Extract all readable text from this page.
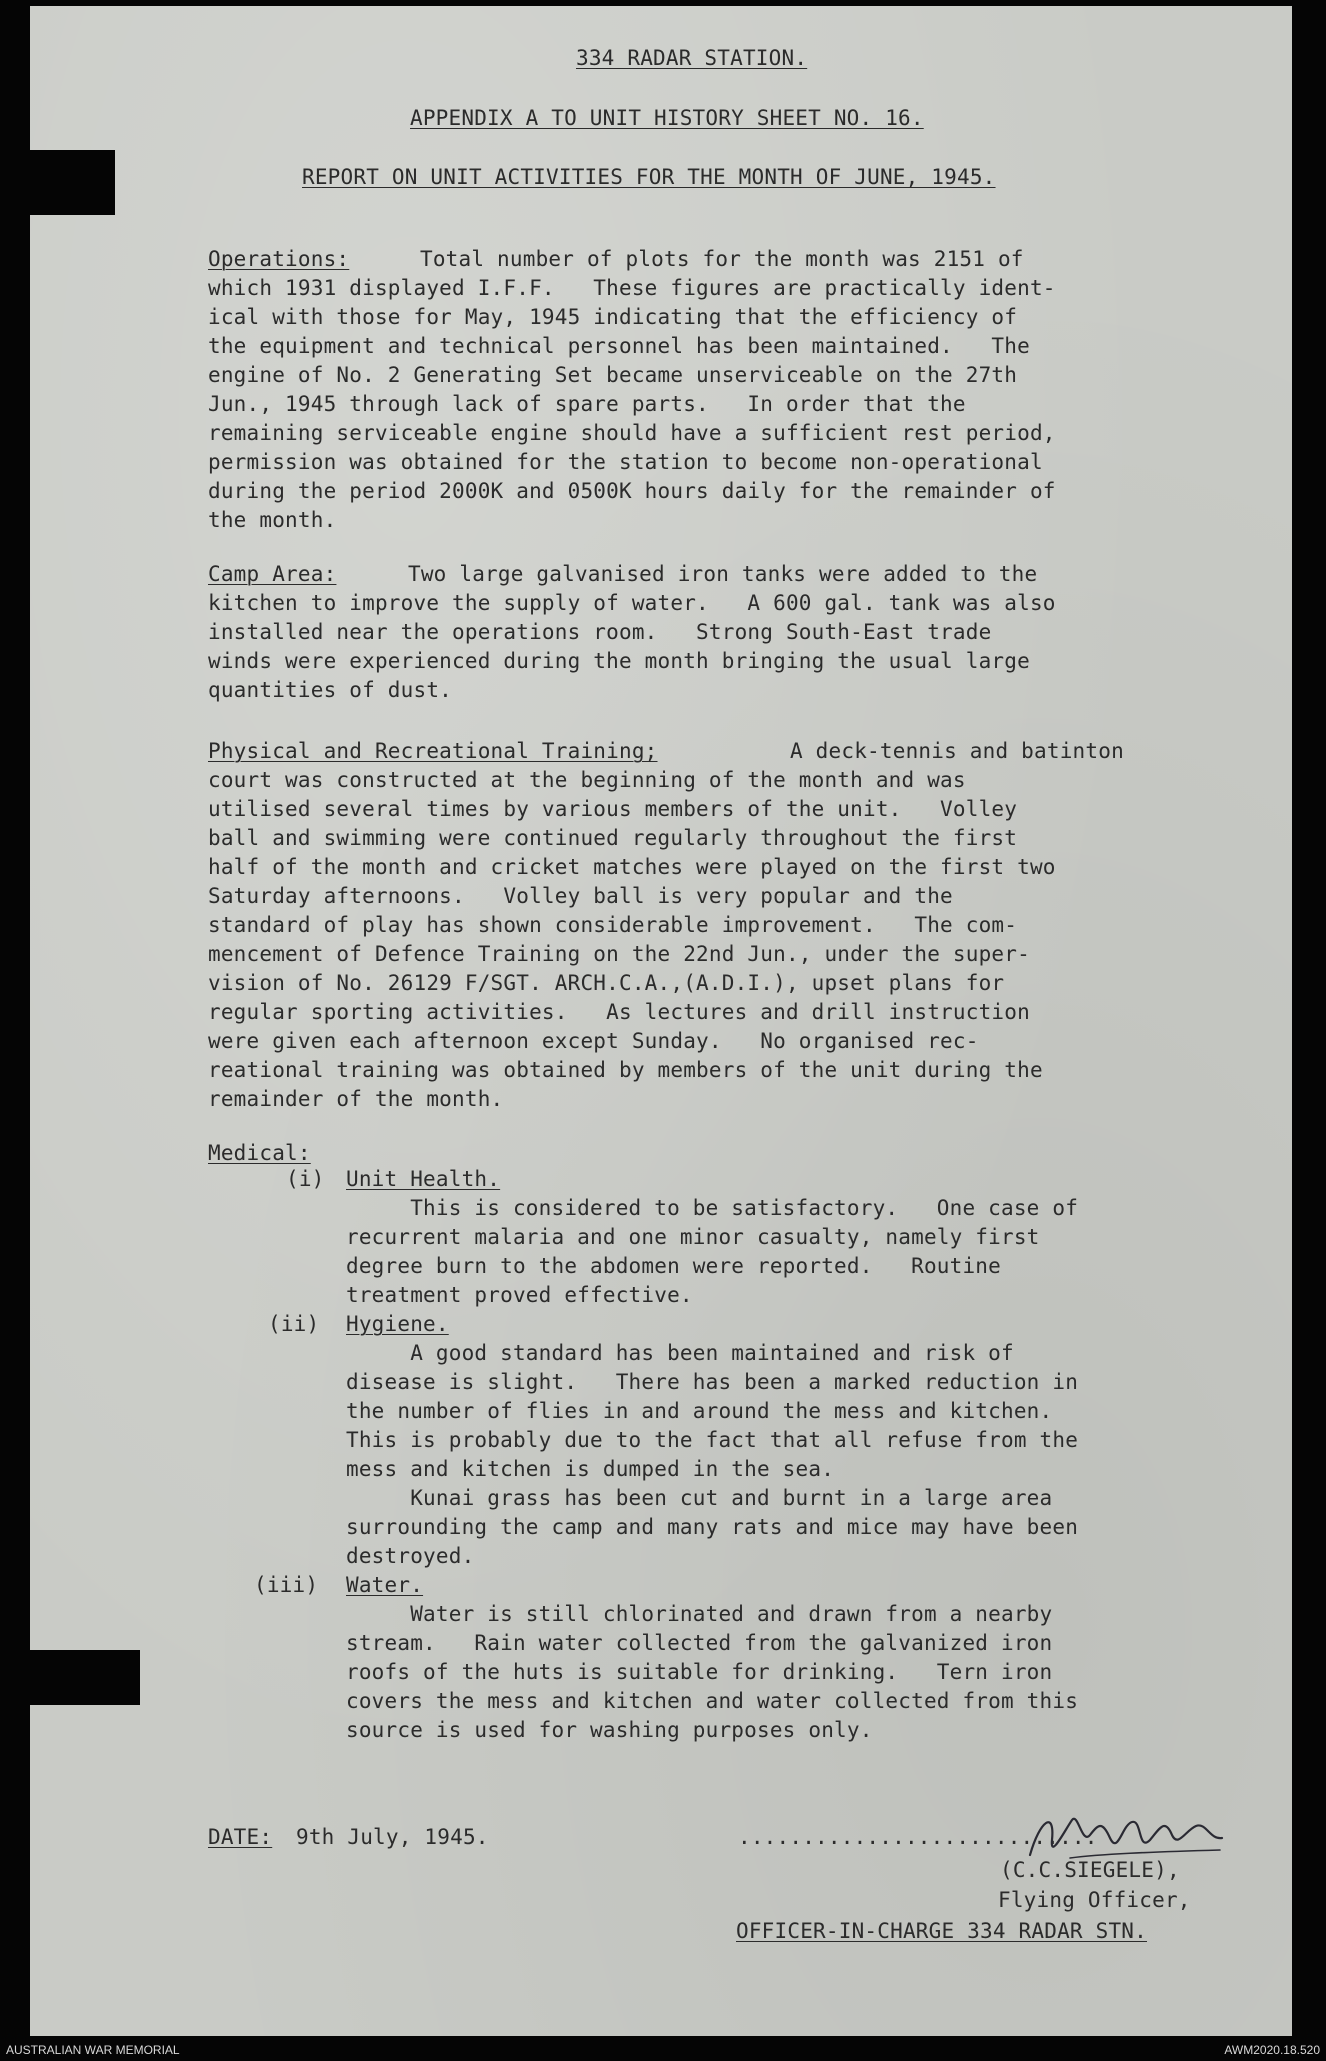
334 RADAR STATION.

APPENDIX A TO UNIT HISTORY SHEET NO. 16.

REPORT ON UNIT ACTIVITIES FOR THE MONTH OF JUNE, 1945.

Operations:

	Total number of plots for the month was 2151 of

which 1931 displayed I.F.F.   These figures are practically ident-

ical with those for May, 1945 indicating that the efficiency of

the equipment and technical personnel has been maintained.   The

engine of No. 2 Generating Set became unserviceable on the 27th

Jun., 1945 through lack of spare parts.   In order that the

remaining serviceable engine should have a sufficient rest period,

permission was obtained for the station to become non-operational

during the period 2000K and 0500K hours daily for the remainder of

the month.

Camp Area:

	Two large galvanised iron tanks were added to the

kitchen to improve the supply of water.   A 600 gal. tank was also

installed near the operations room.   Strong South-East trade

winds were experienced during the month bringing the usual large

quantities of dust.

Physical and Recreational Training;

	A deck-tennis and batinton

court was constructed at the beginning of the month and was

utilised several times by various members of the unit.   Volley

ball and swimming were continued regularly throughout the first

half of the month and cricket matches were played on the first two

Saturday afternoons.   Volley ball is very popular and the

standard of play has shown considerable improvement.   The com-

mencement of Defence Training on the 22nd Jun., under the super-

vision of No. 26129 F/SGT. ARCH.C.A.,(A.D.I.), upset plans for

regular sporting activities.   As lectures and drill instruction

were given each afternoon except Sunday.   No organised rec-

reational training was obtained by members of the unit during the

remainder of the month.

Medical:

(i)

Unit Health.

This is considered to be satisfactory.   One case of

recurrent malaria and one minor casualty, namely first

degree burn to the abdomen were reported.   Routine

treatment proved effective.

(ii)

Hygiene.

A good standard has been maintained and risk of

disease is slight.   There has been a marked reduction in

the number of flies in and around the mess and kitchen.

This is probably due to the fact that all refuse from the

mess and kitchen is dumped in the sea.

Kunai grass has been cut and burnt in a large area

surrounding the camp and many rats and mice may have been

destroyed.

(iii)

Water.

Water is still chlorinated and drawn from a nearby

stream.   Rain water collected from the galvanized iron

roofs of the huts is suitable for drinking.   Tern iron

covers the mess and kitchen and water collected from this

source is used for washing purposes only.

DATE:

9th July, 1945.

	............................

(C.C.SIEGELE),

Flying Officer,

OFFICER-IN-CHARGE 334 RADAR STN.

AUSTRALIAN WAR MEMORIAL	AWM2020.18.520
